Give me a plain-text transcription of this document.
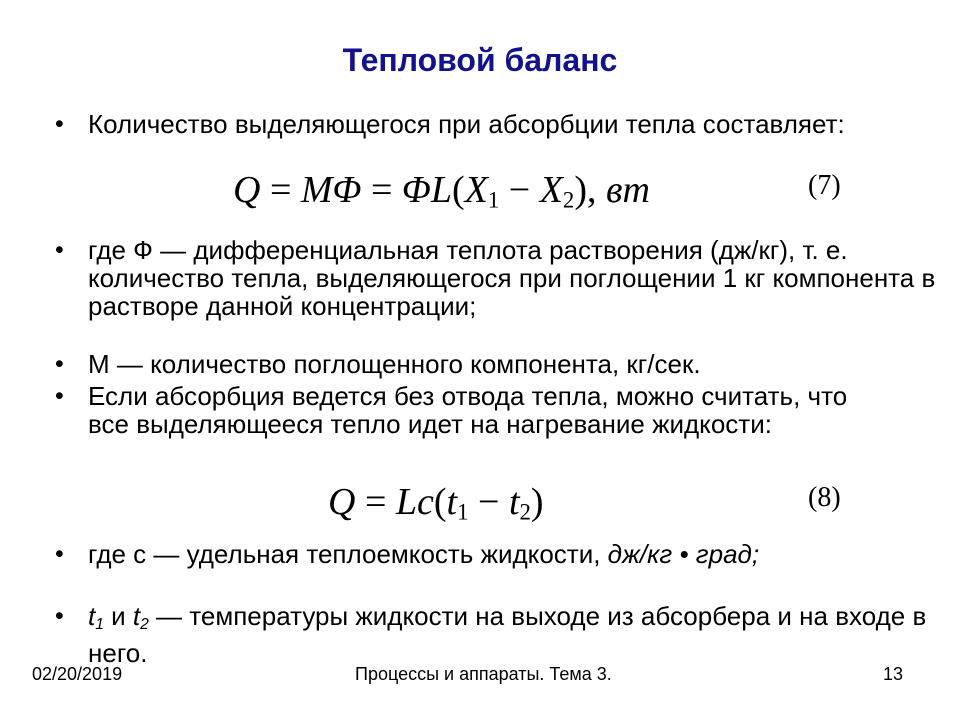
Тепловой баланс
• Количество выделяющегося при абсорбции тепла составляет:
$Q = M\Phi = \Phi L(X_1 - X_2)$, вт	(7)
• где Ф — дифференциальная теплота растворения (дж/кг), т. е. количество тепла, выделяющегося при поглощении 1 кг компонента в растворе данной концентрации;
• М — количество поглощенного компонента, кг/сек.
• Если абсорбция ведется без отвода тепла, можно считать, что все выделяющееся тепло идет на нагревание жидкости:
$Q = Lc(t_1 - t_2)$	(8)
• где с — удельная теплоемкость жидкости, дж/кг • град;
• $t_1$ и $t_2$ — температуры жидкости на выходе из абсорбера и на входе в него.
02/20/2019	Процессы и аппараты. Тема 3.	13
